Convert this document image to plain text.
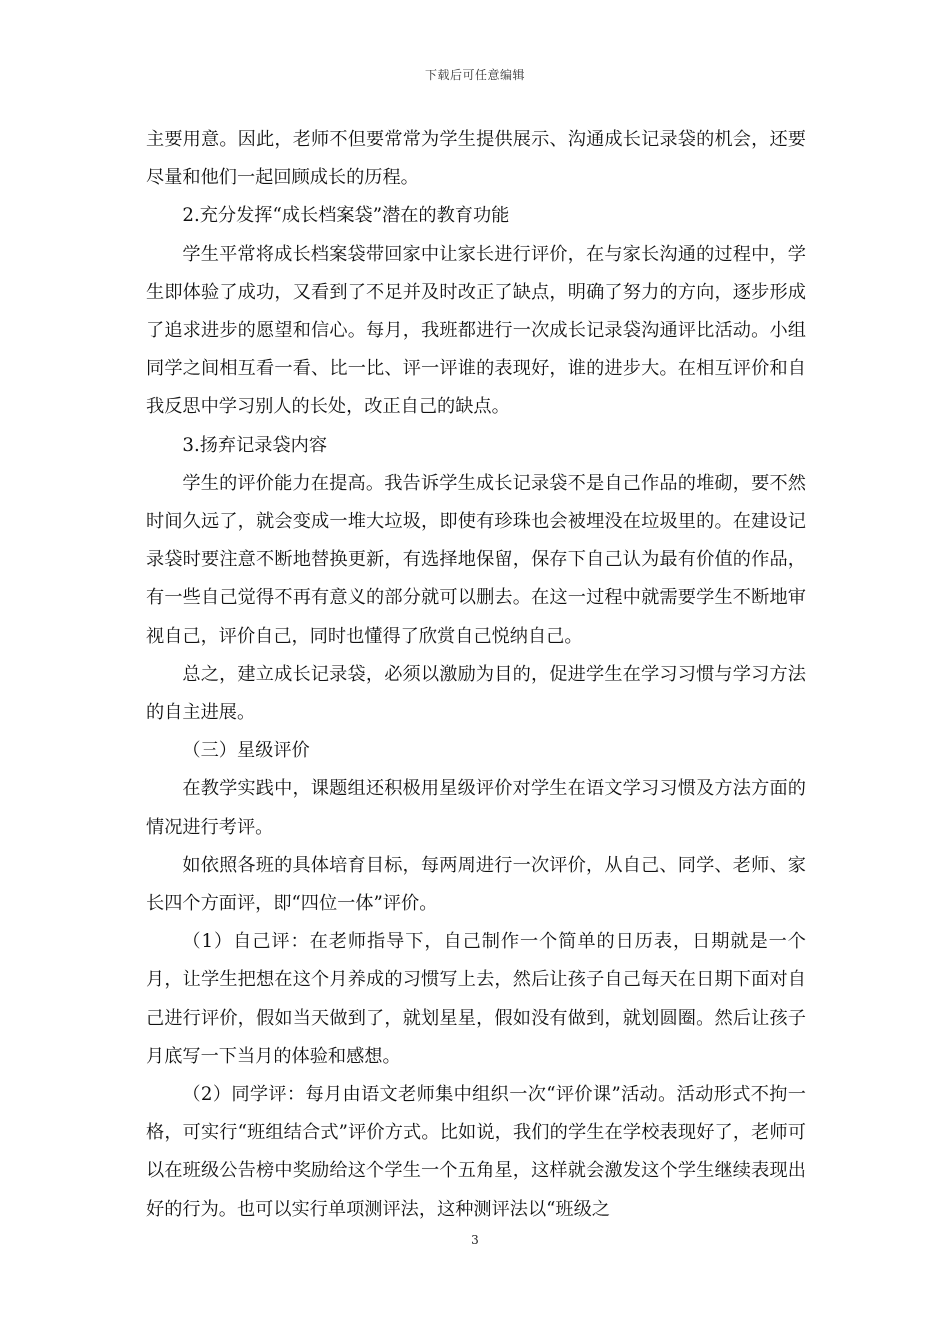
下载后可任意编辑

主要用意。因此，老师不但要常常为学生提供展示、沟通成长记录袋的机会，还要尽量和他们一起回顾成长的历程。

2.充分发挥“成长档案袋”潜在的教育功能

学生平常将成长档案袋带回家中让家长进行评价，在与家长沟通的过程中，学生即体验了成功，又看到了不足并及时改正了缺点，明确了努力的方向，逐步形成了追求进步的愿望和信心。每月，我班都进行一次成长记录袋沟通评比活动。小组同学之间相互看一看、比一比、评一评谁的表现好，谁的进步大。在相互评价和自我反思中学习别人的长处，改正自己的缺点。

3.扬弃记录袋内容

学生的评价能力在提高。我告诉学生成长记录袋不是自己作品的堆砌，要不然时间久远了，就会变成一堆大垃圾，即使有珍珠也会被埋没在垃圾里的。在建设记录袋时要注意不断地替换更新，有选择地保留，保存下自己认为最有价值的作品，有一些自己觉得不再有意义的部分就可以删去。在这一过程中就需要学生不断地审视自己，评价自己，同时也懂得了欣赏自己悦纳自己。

总之，建立成长记录袋，必须以激励为目的，促进学生在学习习惯与学习方法的自主进展。

（三）星级评价

在教学实践中，课题组还积极用星级评价对学生在语文学习习惯及方法方面的情况进行考评。

如依照各班的具体培育目标，每两周进行一次评价，从自己、同学、老师、家长四个方面评，即“四位一体”评价。

（1）自己评：在老师指导下，自己制作一个简单的日历表，日期就是一个月，让学生把想在这个月养成的习惯写上去，然后让孩子自己每天在日期下面对自己进行评价，假如当天做到了，就划星星，假如没有做到，就划圆圈。然后让孩子月底写一下当月的体验和感想。

（2）同学评：每月由语文老师集中组织一次“评价课”活动。活动形式不拘一格，可实行“班组结合式”评价方式。比如说，我们的学生在学校表现好了，老师可以在班级公告榜中奖励给这个学生一个五角星，这样就会激发这个学生继续表现出好的行为。也可以实行单项测评法，这种测评法以“班级之

3
